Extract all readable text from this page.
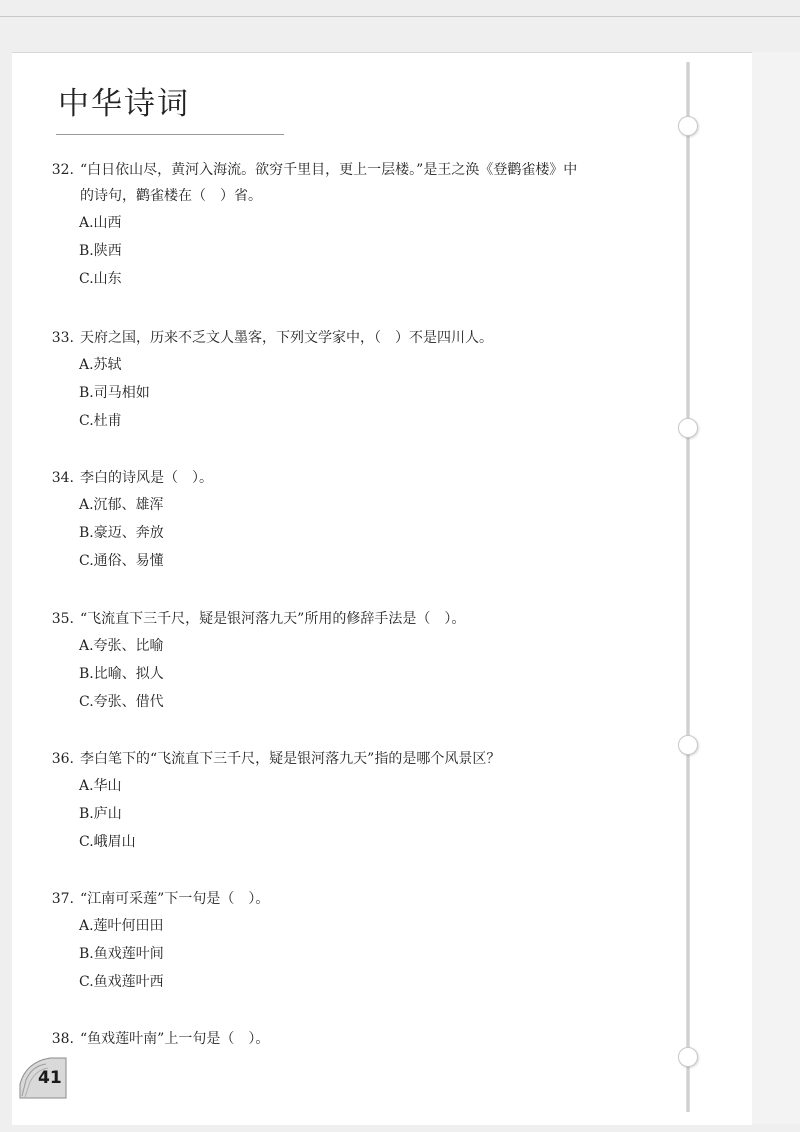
中华诗词
32. “白日依山尽，黄河入海流。欲穷千里目，更上一层楼。”是王之涣《登鹳雀楼》中
的诗句，鹳雀楼在（　）省。
A.山西
B.陕西
C.山东
33. 天府之国，历来不乏文人墨客，下列文学家中，（　）不是四川人。
A.苏轼
B.司马相如
C.杜甫
34. 李白的诗风是（　）。
A.沉郁、雄浑
B.豪迈、奔放
C.通俗、易懂
35. “飞流直下三千尺，疑是银河落九天”所用的修辞手法是（　）。
A.夸张、比喻
B.比喻、拟人
C.夸张、借代
36. 李白笔下的“飞流直下三千尺，疑是银河落九天”指的是哪个风景区？
A.华山
B.庐山
C.峨眉山
37. “江南可采莲”下一句是（　）。
A.莲叶何田田
B.鱼戏莲叶间
C.鱼戏莲叶西
38. “鱼戏莲叶南”上一句是（　）。
41
